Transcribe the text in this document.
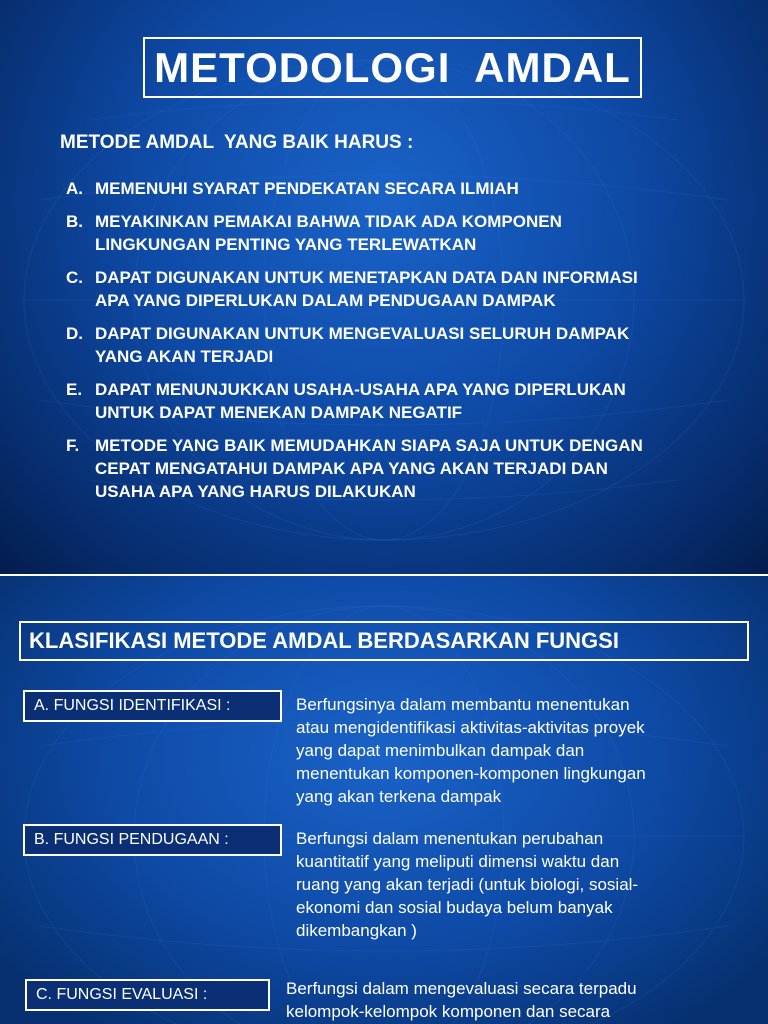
METODOLOGI  AMDAL
METODE AMDAL  YANG BAIK HARUS :
A. MEMENUHI SYARAT PENDEKATAN SECARA ILMIAH
B. MEYAKINKAN PEMAKAI BAHWA TIDAK ADA KOMPONEN
LINGKUNGAN PENTING YANG TERLEWATKAN
C. DAPAT DIGUNAKAN UNTUK MENETAPKAN DATA DAN INFORMASI
APA YANG DIPERLUKAN DALAM PENDUGAAN DAMPAK
D. DAPAT DIGUNAKAN UNTUK MENGEVALUASI SELURUH DAMPAK
YANG AKAN TERJADI
E. DAPAT MENUNJUKKAN USAHA-USAHA APA YANG DIPERLUKAN
UNTUK DAPAT MENEKAN DAMPAK NEGATIF
F. METODE YANG BAIK MEMUDAHKAN SIAPA SAJA UNTUK DENGAN
CEPAT MENGATAHUI DAMPAK APA YANG AKAN TERJADI DAN
USAHA APA YANG HARUS DILAKUKAN
KLASIFIKASI METODE AMDAL BERDASARKAN FUNGSI
A. FUNGSI IDENTIFIKASI :	Berfungsinya dalam membantu menentukan
atau mengidentifikasi aktivitas-aktivitas proyek
yang dapat menimbulkan dampak dan
menentukan komponen-komponen lingkungan
yang akan terkena dampak
B. FUNGSI PENDUGAAN :	Berfungsi dalam menentukan perubahan
kuantitatif yang meliputi dimensi waktu dan
ruang yang akan terjadi (untuk biologi, sosial-
ekonomi dan sosial budaya belum banyak
dikembangkan )
C. FUNGSI EVALUASI :	Berfungsi dalam mengevaluasi secara terpadu
kelompok-kelompok komponen dan secara
